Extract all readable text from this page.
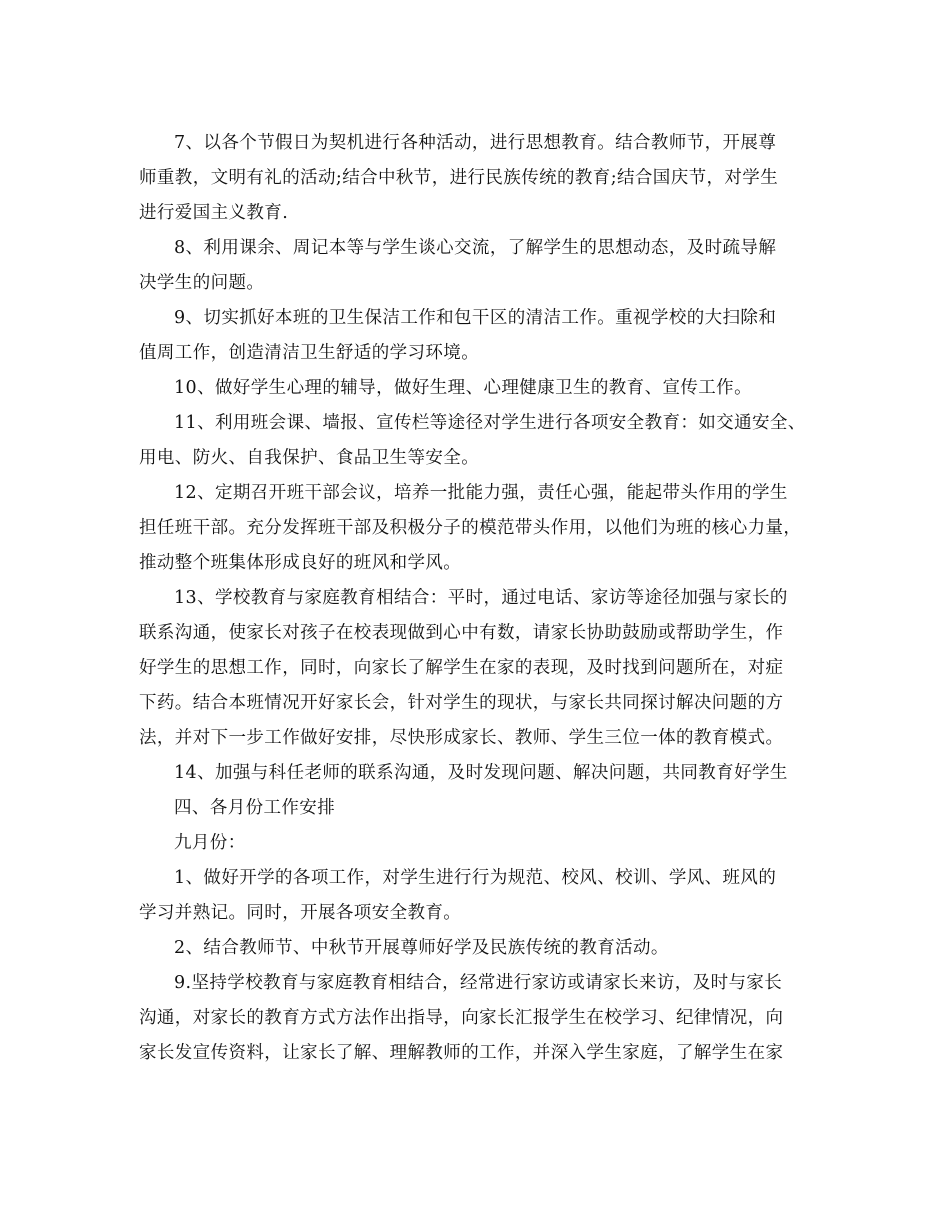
7、以各个节假日为契机进行各种活动，进行思想教育。结合教师节，开展尊
师重教，文明有礼的活动;结合中秋节，进行民族传统的教育;结合国庆节，对学生
进行爱国主义教育.
8、利用课余、周记本等与学生谈心交流，了解学生的思想动态，及时疏导解
决学生的问题。
9、切实抓好本班的卫生保洁工作和包干区的清洁工作。重视学校的大扫除和
值周工作，创造清洁卫生舒适的学习环境。
10、做好学生心理的辅导，做好生理、心理健康卫生的教育、宣传工作。
11、利用班会课、墙报、宣传栏等途径对学生进行各项安全教育：如交通安全、
用电、防火、自我保护、食品卫生等安全。
12、定期召开班干部会议，培养一批能力强，责任心强，能起带头作用的学生
担任班干部。充分发挥班干部及积极分子的模范带头作用，以他们为班的核心力量，
推动整个班集体形成良好的班风和学风。
13、学校教育与家庭教育相结合：平时，通过电话、家访等途径加强与家长的
联系沟通，使家长对孩子在校表现做到心中有数，请家长协助鼓励或帮助学生，作
好学生的思想工作，同时，向家长了解学生在家的表现，及时找到问题所在，对症
下药。结合本班情况开好家长会，针对学生的现状，与家长共同探讨解决问题的方
法，并对下一步工作做好安排，尽快形成家长、教师、学生三位一体的教育模式。
14、加强与科任老师的联系沟通，及时发现问题、解决问题，共同教育好学生
四、各月份工作安排
九月份：
1、做好开学的各项工作，对学生进行行为规范、校风、校训、学风、班风的
学习并熟记。同时，开展各项安全教育。
2、结合教师节、中秋节开展尊师好学及民族传统的教育活动。
9.坚持学校教育与家庭教育相结合，经常进行家访或请家长来访，及时与家长
沟通，对家长的教育方式方法作出指导，向家长汇报学生在校学习、纪律情况，向
家长发宣传资料，让家长了解、理解教师的工作，并深入学生家庭，了解学生在家
